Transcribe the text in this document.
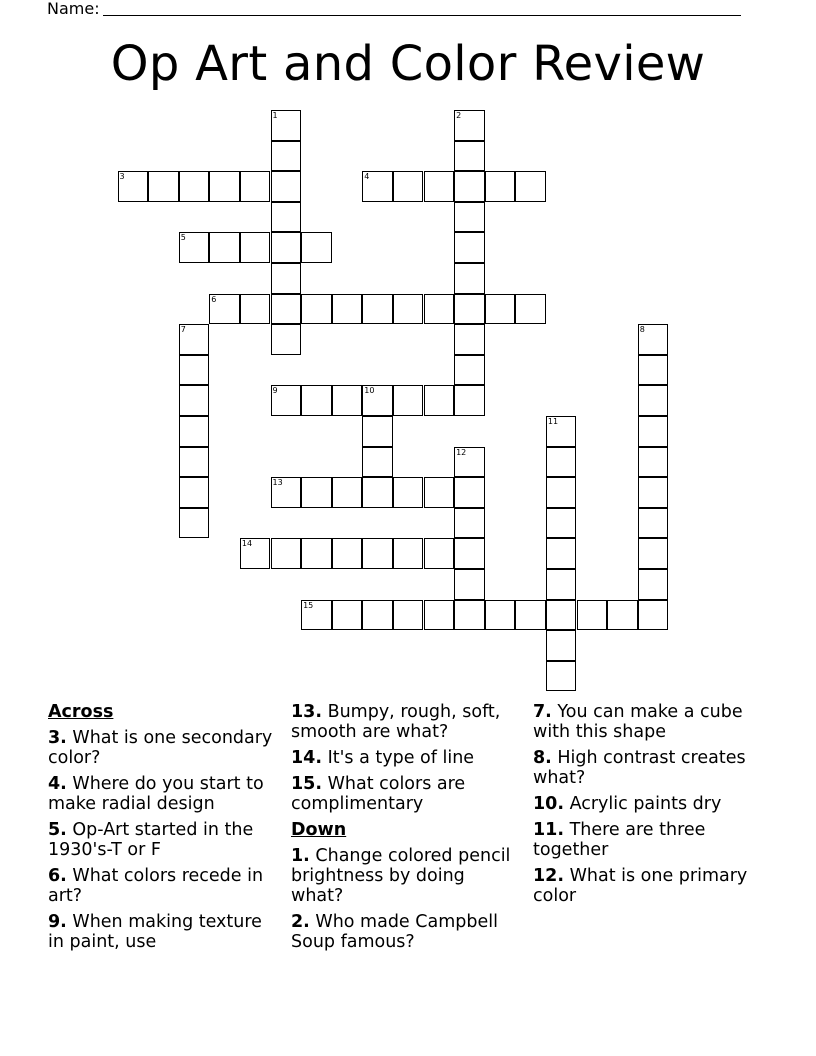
Name:
Op Art and Color Review
1	2
3	4
5
6
7	8
9	10
11
12
13
14
15
Across
3. What is one secondary color?
4. Where do you start to make radial design
5. Op-Art started in the 1930's-T or F
6. What colors recede in art?
9. When making texture in paint, use
13. Bumpy, rough, soft, smooth are what?
14. It's a type of line
15. What colors are complimentary
Down
1. Change colored pencil brightness by doing what?
2. Who made Campbell Soup famous?
7. You can make a cube with this shape
8. High contrast creates what?
10. Acrylic paints dry
11. There are three together
12. What is one primary color
